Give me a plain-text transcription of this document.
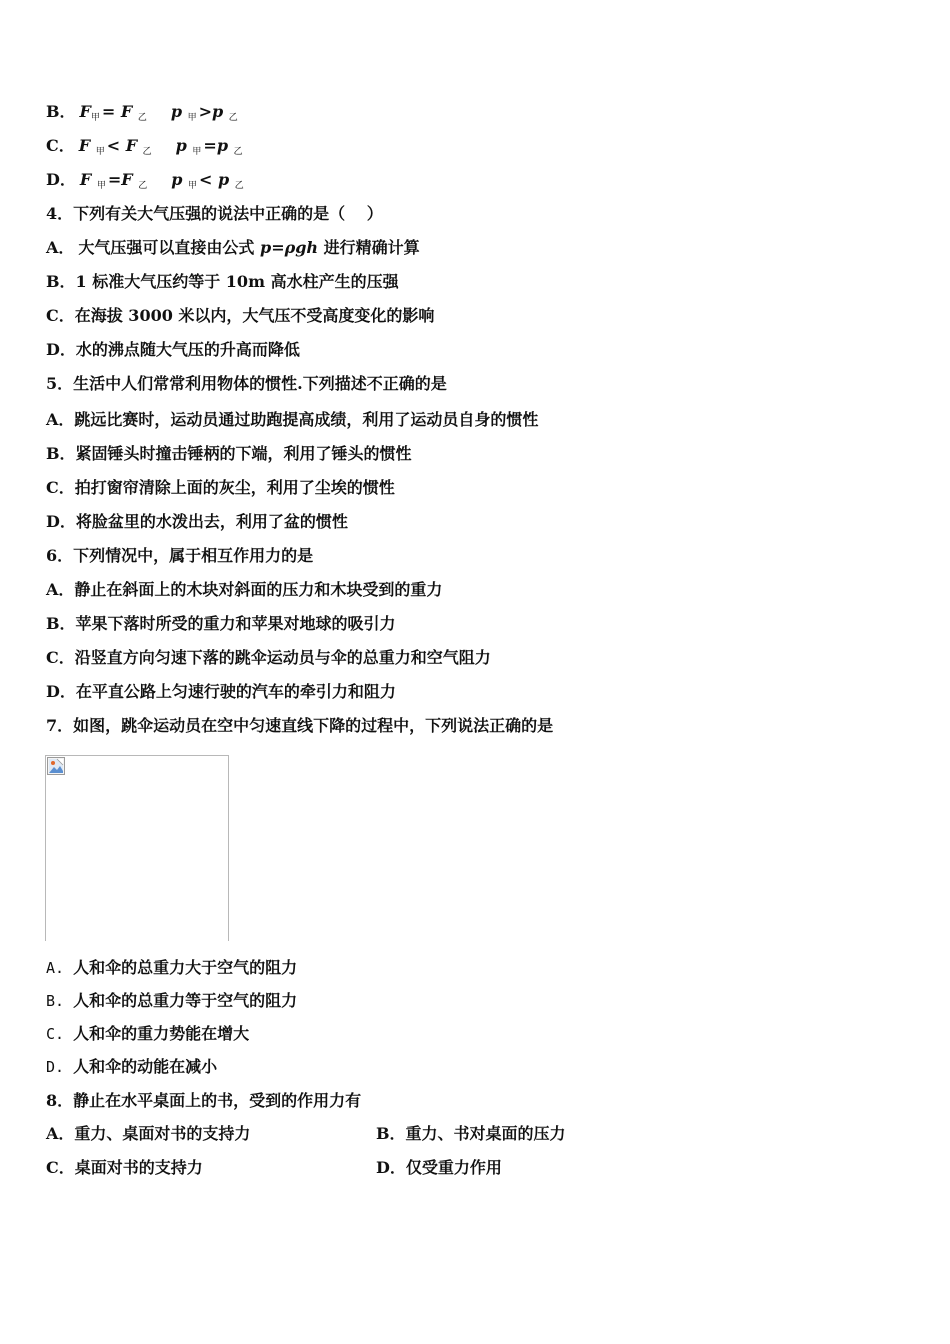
B． F甲 = F 乙 p 甲 >p 乙
C． F 甲 < F 乙 p 甲 =p 乙
D． F 甲 =F 乙 p 甲 < p 乙
4．下列有关大气压强的说法中正确的是（　 ）
A． 大气压强可以直接由公式 p=ρgh 进行精确计算
B．1 标准大气压约等于 10m 高水柱产生的压强
C．在海拔 3000 米以内，大气压不受高度变化的影响
D．水的沸点随大气压的升高而降低
5．生活中人们常常利用物体的惯性.下列描述不正确的是
A．跳远比赛时，运动员通过助跑提高成绩，利用了运动员自身的惯性
B．紧固锤头时撞击锤柄的下端，利用了锤头的惯性
C．拍打窗帘清除上面的灰尘，利用了尘埃的惯性
D．将脸盆里的水泼出去，利用了盆的惯性
6．下列情况中，属于相互作用力的是
A．静止在斜面上的木块对斜面的压力和木块受到的重力
B．苹果下落时所受的重力和苹果对地球的吸引力
C．沿竖直方向匀速下落的跳伞运动员与伞的总重力和空气阻力
D．在平直公路上匀速行驶的汽车的牵引力和阻力
7．如图，跳伞运动员在空中匀速直线下降的过程中，下列说法正确的是
A. 人和伞的总重力大于空气的阻力
B. 人和伞的总重力等于空气的阻力
C. 人和伞的重力势能在增大
D. 人和伞的动能在减小
8．静止在水平桌面上的书，受到的作用力有
A．重力、桌面对书的支持力	B．重力、书对桌面的压力
C．桌面对书的支持力	D．仅受重力作用
